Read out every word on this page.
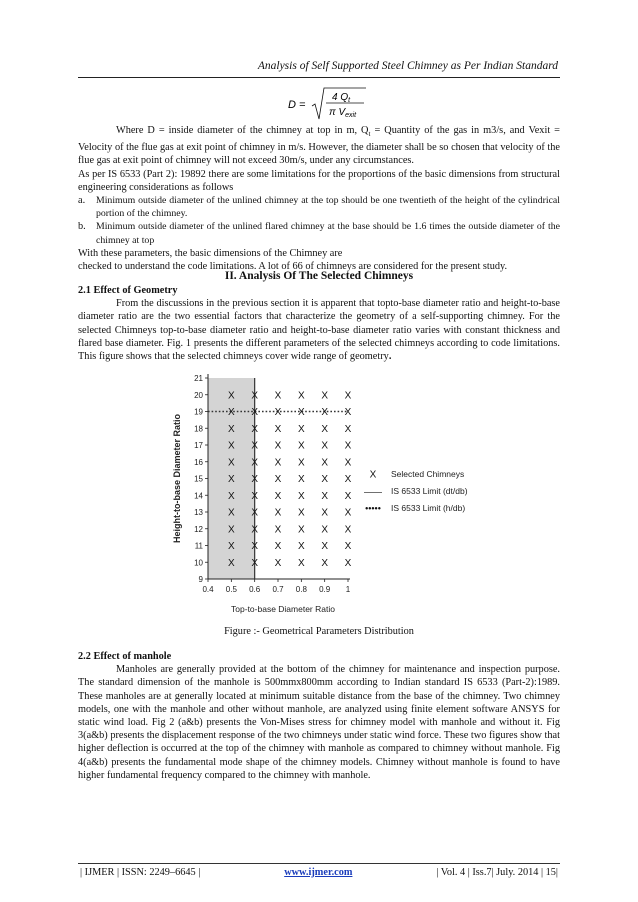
Analysis of Self Supported Steel Chimney as Per Indian Standard
D =
4 $Q_t$
π $V_{exit}$

Where D = inside diameter of the chimney at top in m, $Q_t$ = Quantity of the gas in m3/s, and Vexit = Velocity of the flue gas at exit point of chimney in m/s. However, the diameter shall be so chosen that velocity of the flue gas at exit point of chimney will not exceed 30m/s, under any circumstances.

As per IS 6533 (Part 2): 19892 there are some limitations for the proportions of the basic dimensions from structural engineering considerations as follows

a.	Minimum outside diameter of the unlined chimney at the top should be one twentieth of the height of the cylindrical portion of the chimney.
b.	Minimum outside diameter of the unlined flared chimney at the base should be 1.6 times the outside diameter of the chimney at top

With these parameters, the basic dimensions of the Chimney are

checked to understand the code limitations. A lot of 66 of chimneys are considered for the present study.

II. Analysis Of The Selected Chimneys

2.1 Effect of Geometry

From the discussions in the previous section it is apparent that topto-base diameter ratio and height-to-base diameter ratio are the two essential factors that characterize the geometry of a self-supporting chimney. For the selected Chimneys top-to-base diameter ratio and height-to-base diameter ratio varies with constant thickness and flared base diameter. Fig. 1 presents the different parameters of the selected chimneys according to code limitations. This figure shows that the selected chimneys cover wide range of geometry.

9
10
11
12
13
14
15
16
17
18
19
20
21
0.4 0.5 0.6 0.7 0.8 0.9 1
X
X
X
X
X
X
X
X
X
X
X
X
X
X
X
X
X
X
X
X
X
X
X
X
X
X
X
X
X
X
X
X
X
X
X
X
X
X
X
X
X
X
X
X
X
X
X
X
X
X
X
X
X
X
X
X
X
X
X
X
X
X
X
X
X
X
Top-to-base Diameter Ratio
Height-to-base Diameter Ratio	X Selected Chimneys
—— IS 6533 Limit (dt/db)
••••• IS 6533 Limit (h/db)
Figure :- Geometrical Parameters Distribution

2.2 Effect of manhole

Manholes are generally provided at the bottom of the chimney for maintenance and inspection purpose. The standard dimension of the manhole is 500mmx800mm according to Indian standard IS 6533 (Part-2):1989. These manholes are at generally located at minimum suitable distance from the base of the chimney. Two chimney models, one with the manhole and other without manhole, are analyzed using finite element software ANSYS for static wind load. Fig 2 (a&b) presents the Von-Mises stress for chimney model with manhole and without it. Fig 3(a&b) presents the displacement response of the two chimneys under static wind force. These two figures show that higher deflection is occurred at the top of the chimney with manhole as compared to chimney without manhole. Fig 4(a&b) presents the fundamental mode shape of the chimney models. Chimney without manhole is found to have higher fundamental frequency compared to the chimney with manhole.

| IJMER | ISSN: 2249–6645 |	www.ijmer.com	| Vol. 4 | Iss.7| July. 2014 | 15|
